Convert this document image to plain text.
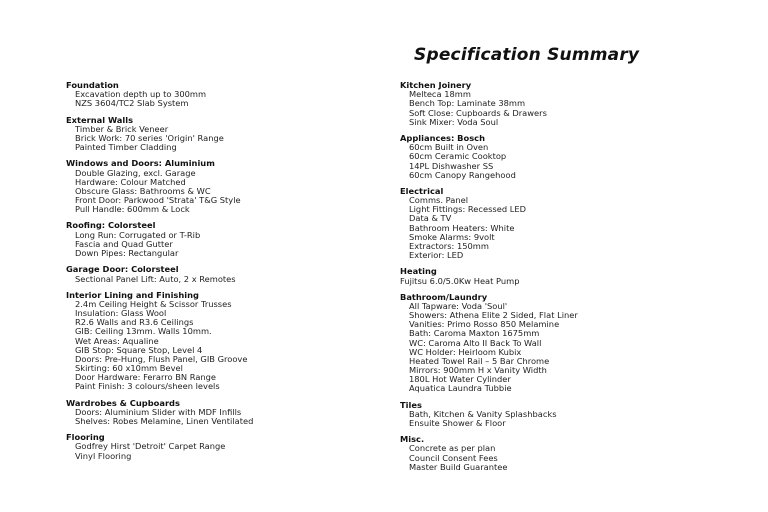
Specification Summary
Foundation
Excavation depth up to 300mm
NZS 3604/TC2 Slab System
External Walls
Timber & Brick Veneer
Brick Work: 70 series 'Origin' Range
Painted Timber Cladding
Windows and Doors: Aluminium
Double Glazing, excl. Garage
Hardware: Colour Matched
Obscure Glass: Bathrooms & WC
Front Door: Parkwood 'Strata' T&G Style
Pull Handle: 600mm & Lock
Roofing: Colorsteel
Long Run: Corrugated or T-Rib
Fascia and Quad Gutter
Down Pipes: Rectangular
Garage Door: Colorsteel
Sectional Panel Lift: Auto, 2 x Remotes
Interior Lining and Finishing
2.4m Ceiling Height & Scissor Trusses
Insulation: Glass Wool
R2.6 Walls and R3.6 Ceilings
GIB: Ceiling 13mm. Walls 10mm.
Wet Areas: Aqualine
GIB Stop: Square Stop, Level 4
Doors: Pre-Hung, Flush Panel, GIB Groove
Skirting: 60 x10mm Bevel
Door Hardware: Ferarro BN Range
Paint Finish: 3 colours/sheen levels
Wardrobes & Cupboards
Doors: Aluminium Slider with MDF Infills
Shelves: Robes Melamine, Linen Ventilated
Flooring
Godfrey Hirst 'Detroit' Carpet Range
Vinyl Flooring
Kitchen Joinery
Melteca 18mm
Bench Top: Laminate 38mm
Soft Close: Cupboards & Drawers
Sink Mixer: Voda Soul
Appliances: Bosch
60cm Built in Oven
60cm Ceramic Cooktop
14PL Dishwasher SS
60cm Canopy Rangehood
Electrical
Comms. Panel
Light Fittings: Recessed LED
Data & TV
Bathroom Heaters: White
Smoke Alarms: 9volt
Extractors: 150mm
Exterior: LED
Heating
Fujitsu 6.0/5.0Kw Heat Pump
Bathroom/Laundry
All Tapware: Voda 'Soul'
Showers: Athena Elite 2 Sided, Flat Liner
Vanities: Primo Rosso 850 Melamine
Bath: Caroma Maxton 1675mm
WC: Caroma Alto II Back To Wall
WC Holder: Heirloom Kubix
Heated Towel Rail – 5 Bar Chrome
Mirrors: 900mm H x Vanity Width
180L Hot Water Cylinder
Aquatica Laundra Tubbie
Tiles
Bath, Kitchen & Vanity Splashbacks
Ensuite Shower & Floor
Misc.
Concrete as per plan
Council Consent Fees
Master Build Guarantee
